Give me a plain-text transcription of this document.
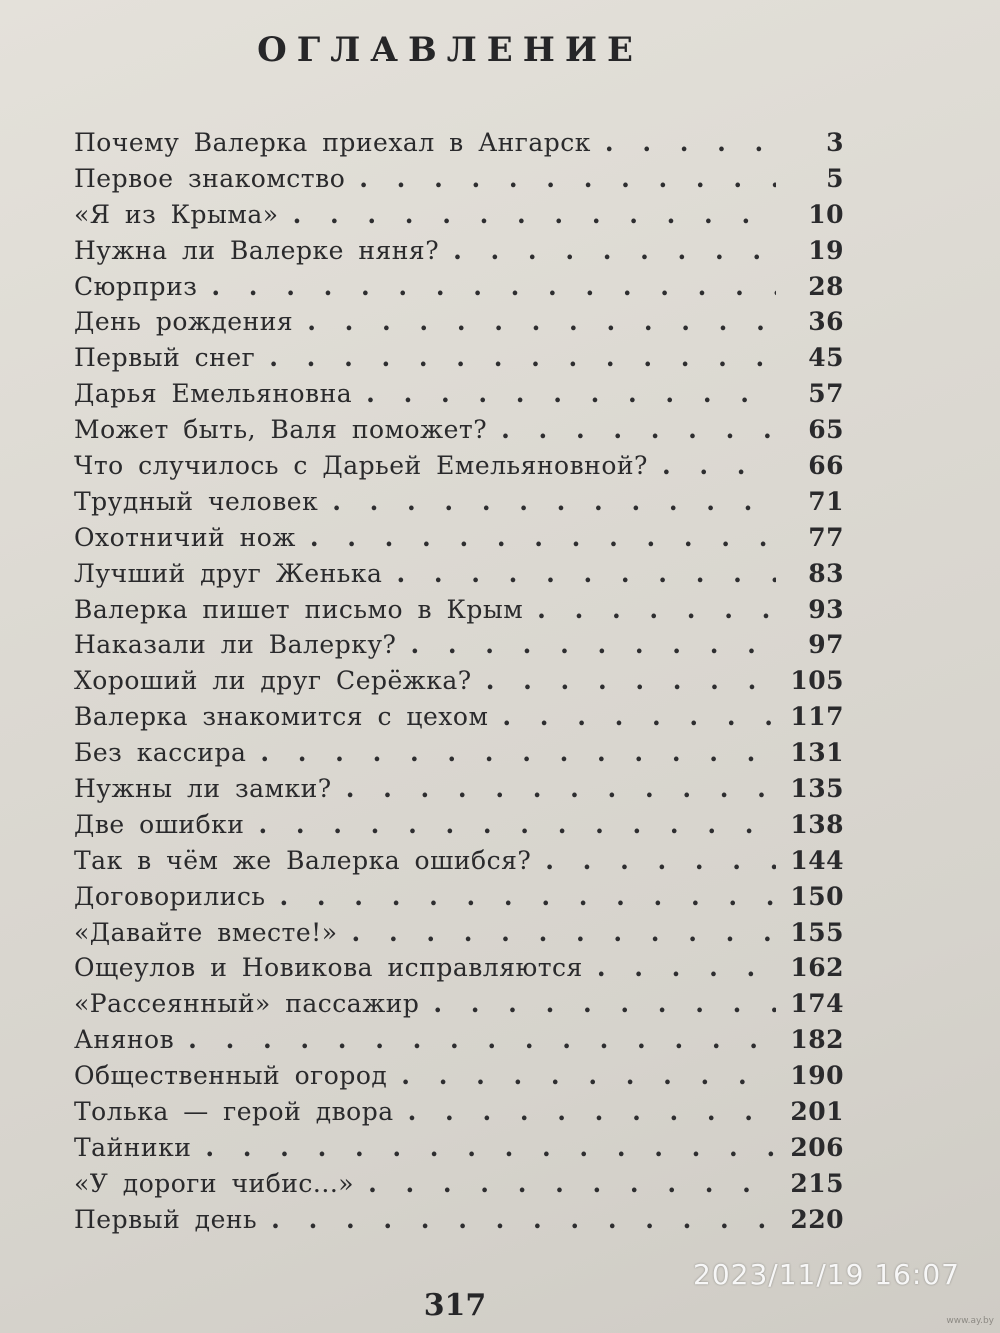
ОГЛАВЛЕНИЕ
Почему Валерка приехал в Ангарск . . .	3
Первое знакомство . . .	5
«Я из Крыма» . . .	10
Нужна ли Валерке няня? . . .	19
Сюрприз . . .	28
День рождения . . .	36
Первый снег . . .	45
Дарья Емельяновна . . .	57
Может быть, Валя поможет? . . .	65
Что случилось с Дарьей Емельяновной? . . .	66
Трудный человек . . .	71
Охотничий нож . . .	77
Лучший друг Женька . . .	83
Валерка пишет письмо в Крым . . .	93
Наказали ли Валерку? . . .	97
Хороший ли друг Серёжка? . . .	105
Валерка знакомится с цехом . . .	117
Без кассира . . .	131
Нужны ли замки? . . .	135
Две ошибки . . .	138
Так в чём же Валерка ошибся? . . .	144
Договорились . . .	150
«Давайте вместе!» . . .	155
Ощеулов и Новикова исправляются . . .	162
«Рассеянный» пассажир . . .	174
Анянов . . .	182
Общественный огород . . .	190
Толька — герой двора . . .	201
Тайники . . .	206
«У дороги чибис...» . . .	215
Первый день . . .	220
317
2023/11/19 16:07
www.ay.by
